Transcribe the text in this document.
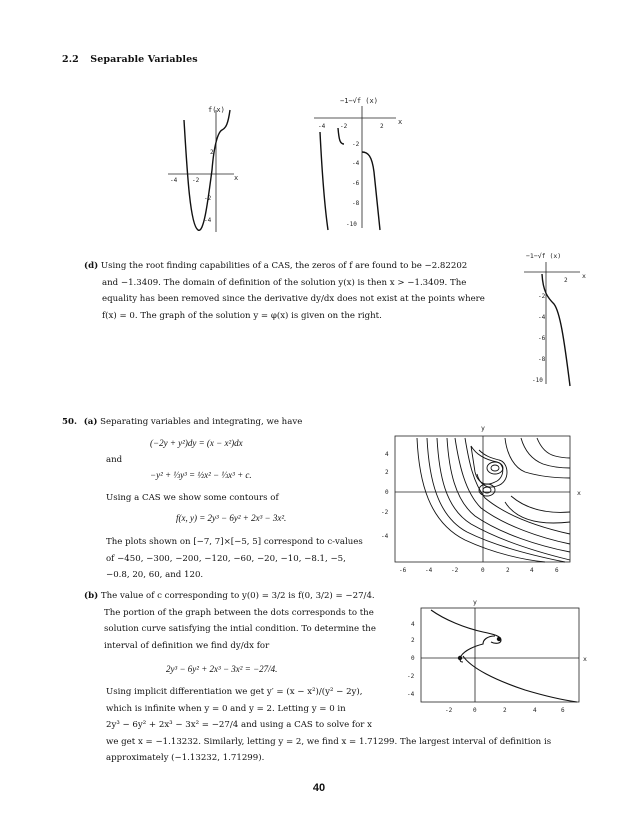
2.2 Separable Variables
f(x)
x
2
-2
-4
-4 -2
−1−√f (x)
x
-4 -2	2
-2
-4
-6
-8
-10
(d) Using the root finding capabilities of a CAS, the zeros of f are found to be −2.82202
and −1.3409. The domain of definition of the solution y(x) is then x > −1.3409. The
equality has been removed since the derivative dy/dx does not exist at the points where
f(x) = 0. The graph of the solution y = φ(x) is given on the right.
−1−√f (x)
x
2
-2
-4
-6
-8
-10
50. (a) Separating variables and integrating, we have
(−2y + y²)dy = (x − x²)dx
and
−y² + ⅓y³ = ½x² − ⅓x³ + c.
Using a CAS we show some contours of
f(x, y) = 2y³ − 6y² + 2x³ − 3x².
The plots shown on [−7, 7]×[−5, 5] correspond to c-values
of −450, −300, −200, −120, −60, −20, −10, −8.1, −5,
−0.8, 20, 60, and 120.
y
x
4
2
0
-2
-4
-6	-4	-2	0	2	4	6
(b) The value of c corresponding to y(0) = 3/2 is f(0, 3/2) = −27/4.
The portion of the graph between the dots corresponds to the
solution curve satisfying the intial condition. To determine the
interval of definition we find dy/dx for
2y³ − 6y² + 2x³ − 3x² = −27/4.
Using implicit differentiation we get y′ = (x − x²)/(y² − 2y),
which is infinite when y = 0 and y = 2. Letting y = 0 in
2y³ − 6y² + 2x³ − 3x² = −27/4 and using a CAS to solve for x
we get x = −1.13232. Similarly, letting y = 2, we find x = 1.71299. The largest interval of definition is
approximately (−1.13232, 1.71299).
y
x
4
2
0
-2
-4
-2	0	2	4	6
40
